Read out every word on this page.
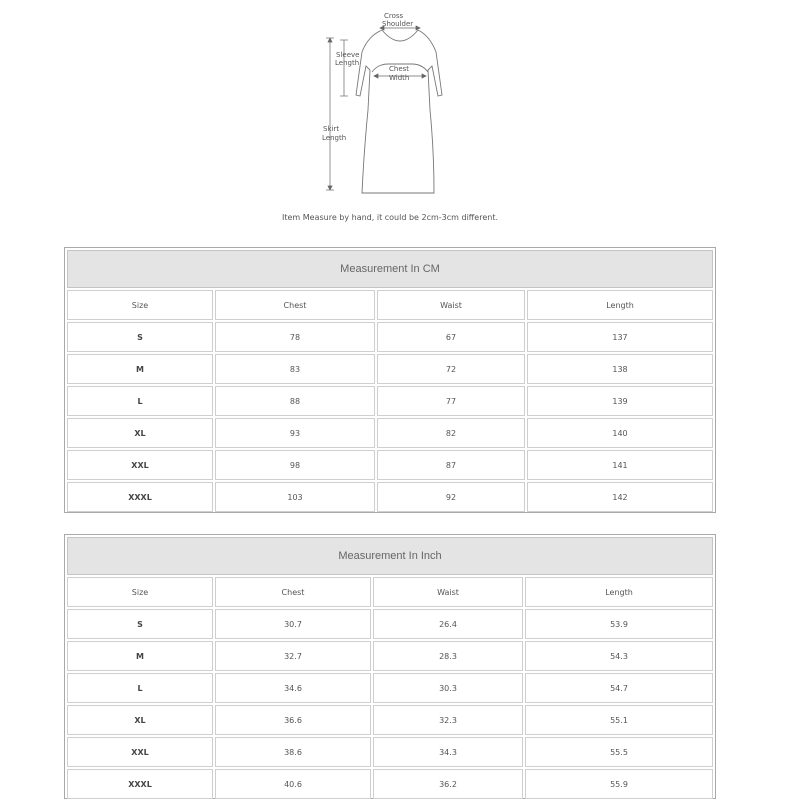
Cross
Shoulder
Sleeve
Length
Chest
Width
Skirt
Length
Item Measure by hand, it could be 2cm-3cm different.
Measurement In CM			
Size	Chest	Waist	Length
S	78	67	137
M	83	72	138
L	88	77	139
XL	93	82	140
XXL	98	87	141
XXXL	103	92	142
Measurement In Inch			
Size	Chest	Waist	Length
S	30.7	26.4	53.9
M	32.7	28.3	54.3
L	34.6	30.3	54.7
XL	36.6	32.3	55.1
XXL	38.6	34.3	55.5
XXXL	40.6	36.2	55.9
